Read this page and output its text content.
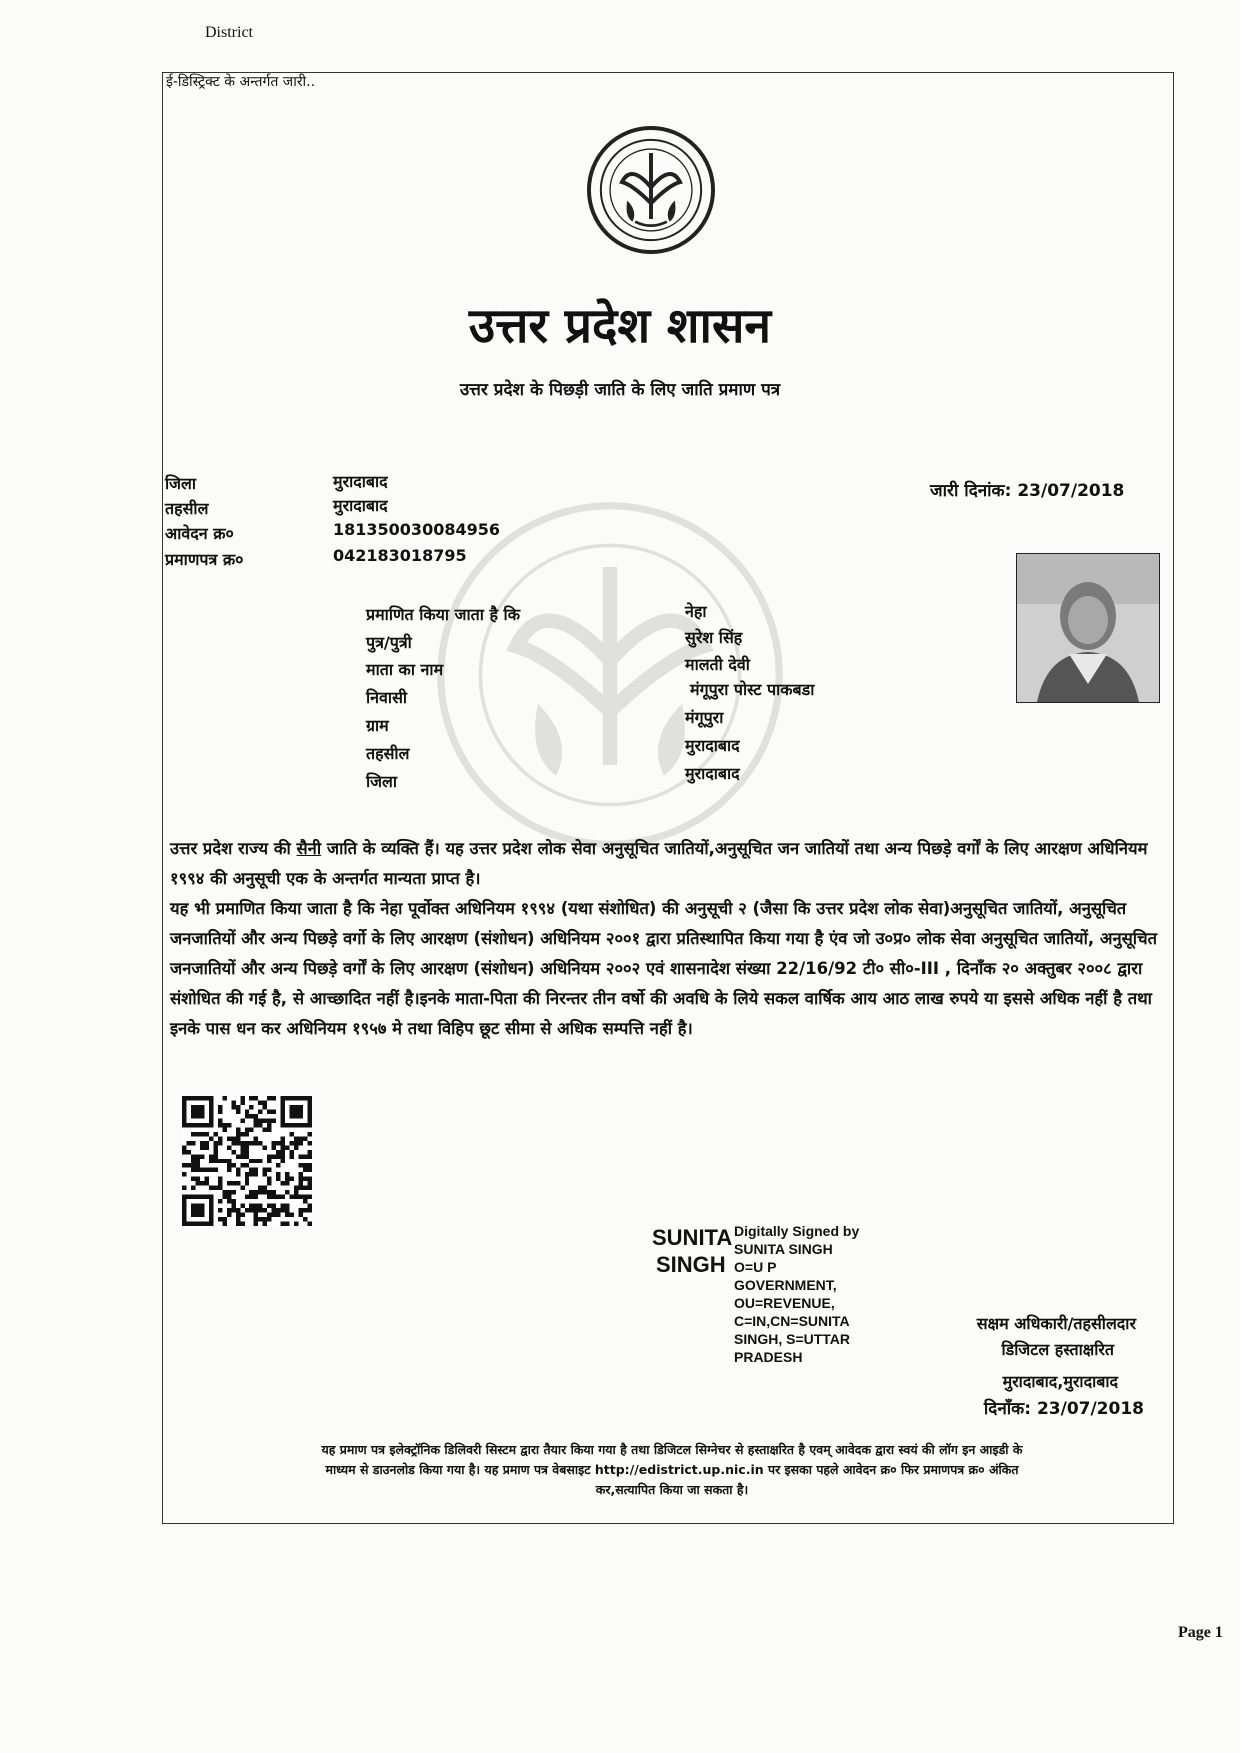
District
ई-डिस्ट्रिक्ट के अन्तर्गत जारी..
उत्तर प्रदेश शासन
उत्तर प्रदेश के पिछड़ी जाति के लिए जाति प्रमाण पत्र
जिला	मुरादाबाद
तहसील	मुरादाबाद
आवेदन क्र०	181350030084956
प्रमाणपत्र क्र०	042183018795
जारी दिनांक: 23/07/2018
प्रमाणित किया जाता है कि	नेहा
पुत्र/पुत्री	सुरेश सिंह
माता का नाम	मालती देवी
निवासी	मंगूपुरा पोस्ट पाकबडा
ग्राम	मंगूपुरा
तहसील	मुरादाबाद
जिला	मुरादाबाद

उत्तर प्रदेश राज्य की सैनी जाति के व्यक्ति हैं। यह उत्तर प्रदेश लोक सेवा अनुसूचित जातियों,अनुसूचित जन जातियों तथा अन्य पिछड़े वर्गों के लिए आरक्षण अधिनियम १९९४ की अनुसूची एक के अन्तर्गत मान्यता प्राप्त है।

यह भी प्रमाणित किया जाता है कि नेहा पूर्वोक्त अधिनियम १९९४ (यथा संशोधित) की अनुसूची २ (जैसा कि उत्तर प्रदेश लोक सेवा)अनुसूचित जातियों, अनुसूचित जनजातियों और अन्य पिछड़े वर्गो के लिए आरक्षण (संशोधन) अधिनियम २००१ द्वारा प्रतिस्थापित किया गया है एंव जो उ०प्र० लोक सेवा अनुसूचित जातियों, अनुसूचित जनजातियों और अन्य पिछड़े वर्गों के लिए आरक्षण (संशोधन) अधिनियम २००२ एवं शासनादेश संख्या 22/16/92 टी० सी०-III , दिनाँक २० अक्तुबर २००८ द्वारा संशोधित की गई है, से आच्छादित नहीं है।इनके माता-पिता की निरन्तर तीन वर्षो की अवधि के लिये सकल वार्षिक आय आठ लाख रुपये या इससे अधिक नहीं है तथा इनके पास धन कर अधिनियम १९५७ मे तथा विहिप छूट सीमा से अधिक सम्पत्ति नहीं है।

SUNITA
SINGH
Digitally Signed by
SUNITA SINGH
O=U P
GOVERNMENT,
OU=REVENUE,
C=IN,CN=SUNITA
SINGH, S=UTTAR
PRADESH
सक्षम अधिकारी/तहसीलदार
डिजिटल हस्ताक्षरित
मुरादाबाद,मुरादाबाद
दिनाँक: 23/07/2018
यह प्रमाण पत्र इलेक्ट्रॉनिक डिलिवरी सिस्टम द्वारा तैयार किया गया है तथा डिजिटल सिग्नेचर से हस्ताक्षरित है एवम् आवेदक द्वारा स्वयं की लॉग इन आइडी के
माध्यम से डाउनलोड किया गया है। यह प्रमाण पत्र वेबसाइट http://edistrict.up.nic.in पर इसका पहले आवेदन क्र० फिर प्रमाणपत्र क्र० अंकित
कर,सत्यापित किया जा सकता है।
Page 1
